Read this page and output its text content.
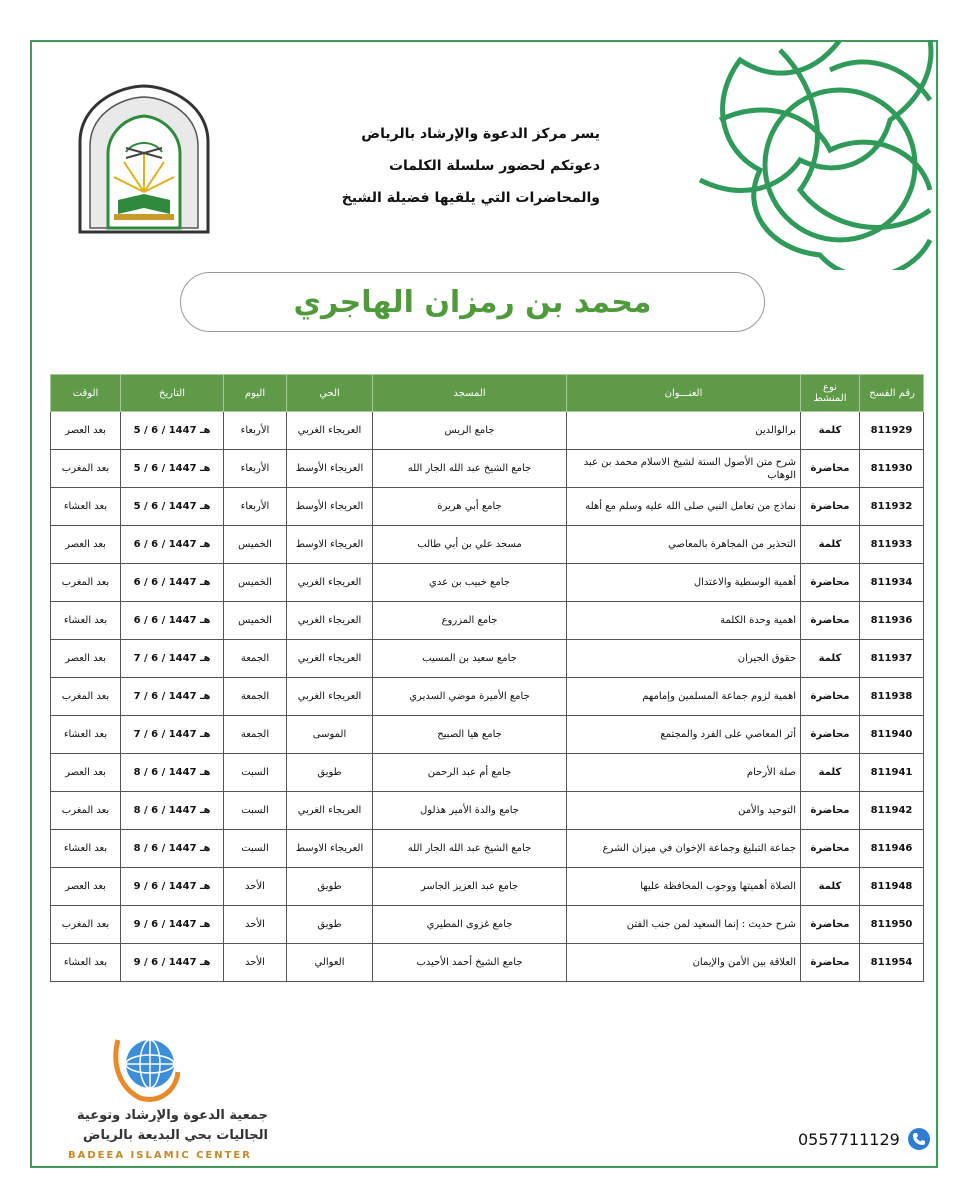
يسر مركز الدعوة والإرشاد بالرياض
دعوتكم لحضور سلسلة الكلمات
والمحاضرات التي يلقيها فضيلة الشيخ
محمد بن رمزان الهاجري
رقم الفسح	نوع المنشط	العنـــوان	المسجد	الحي	اليوم	التاريخ	الوقت
811929	كلمة	برالوالدين	جامع الريس	العريجاء الغربي	الأربعاء	5 / 6 / 1447 هـ	بعد العصر
811930	محاضرة	شرح متن الأصول الستة لشيخ الاسلام محمد بن عبد الوهاب	جامع الشيخ عبد الله الجار الله	العريجاء الأوسط	الأربعاء	5 / 6 / 1447 هـ	بعد المغرب
811932	محاضرة	نماذج من تعامل النبي صلى الله عليه وسلم مع أهله	جامع أبي هريرة	العريجاء الأوسط	الأربعاء	5 / 6 / 1447 هـ	بعد العشاء
811933	كلمة	التحذير من المجاهرة بالمعاصي	مسجد علي بن أبي طالب	العريجاء الاوسط	الخميس	6 / 6 / 1447 هـ	بعد العصر
811934	محاضرة	أهمية الوسطية والاعتدال	جامع خبيب بن عدي	العريجاء الغربي	الخميس	6 / 6 / 1447 هـ	بعد المغرب
811936	محاضرة	اهمية وحدة الكلمة	جامع المزروع	العريجاء الغربي	الخميس	6 / 6 / 1447 هـ	بعد العشاء
811937	كلمة	حقوق الجيران	جامع سعيد بن المسيب	العريجاء الغربي	الجمعة	7 / 6 / 1447 هـ	بعد العصر
811938	محاضرة	اهمية لزوم جماعة المسلمين وإمامهم	جامع الأميرة موضي السديري	العريجاء الغربي	الجمعة	7 / 6 / 1447 هـ	بعد المغرب
811940	محاضرة	أثر المعاصي على الفرد والمجتمع	جامع هيا الصبيح	الموسى	الجمعة	7 / 6 / 1447 هـ	بعد العشاء
811941	كلمة	صلة الأرحام	جامع أم عبد الرحمن	طويق	السبت	8 / 6 / 1447 هـ	بعد العصر
811942	محاضرة	التوحيد والأمن	جامع والدة الأمير هذلول	العريجاء الغربي	السبت	8 / 6 / 1447 هـ	بعد المغرب
811946	محاضرة	جماعة التبليغ وجماعة الإخوان في ميزان الشرع	جامع الشيخ عبد الله الجار الله	العريجاء الاوسط	السبت	8 / 6 / 1447 هـ	بعد العشاء
811948	كلمة	الصلاة أهميتها ووجوب المحافظة عليها	جامع عبد العزيز الجاسر	طويق	الأحد	9 / 6 / 1447 هـ	بعد العصر
811950	محاضرة	شرح حديث : إنما السعيد لمن جنب الفتن	جامع غزوى المطيري	طويق	الأحد	9 / 6 / 1447 هـ	بعد المغرب
811954	محاضرة	العلاقة بين الأمن والإيمان	جامع الشيخ أحمد الأحيدب	العوالي	الأحد	9 / 6 / 1447 هـ	بعد العشاء
جمعية الدعوة والإرشاد وتوعية
الجاليات بحي البديعة بالرياض
BADEEA ISLAMIC CENTER
0557711129
